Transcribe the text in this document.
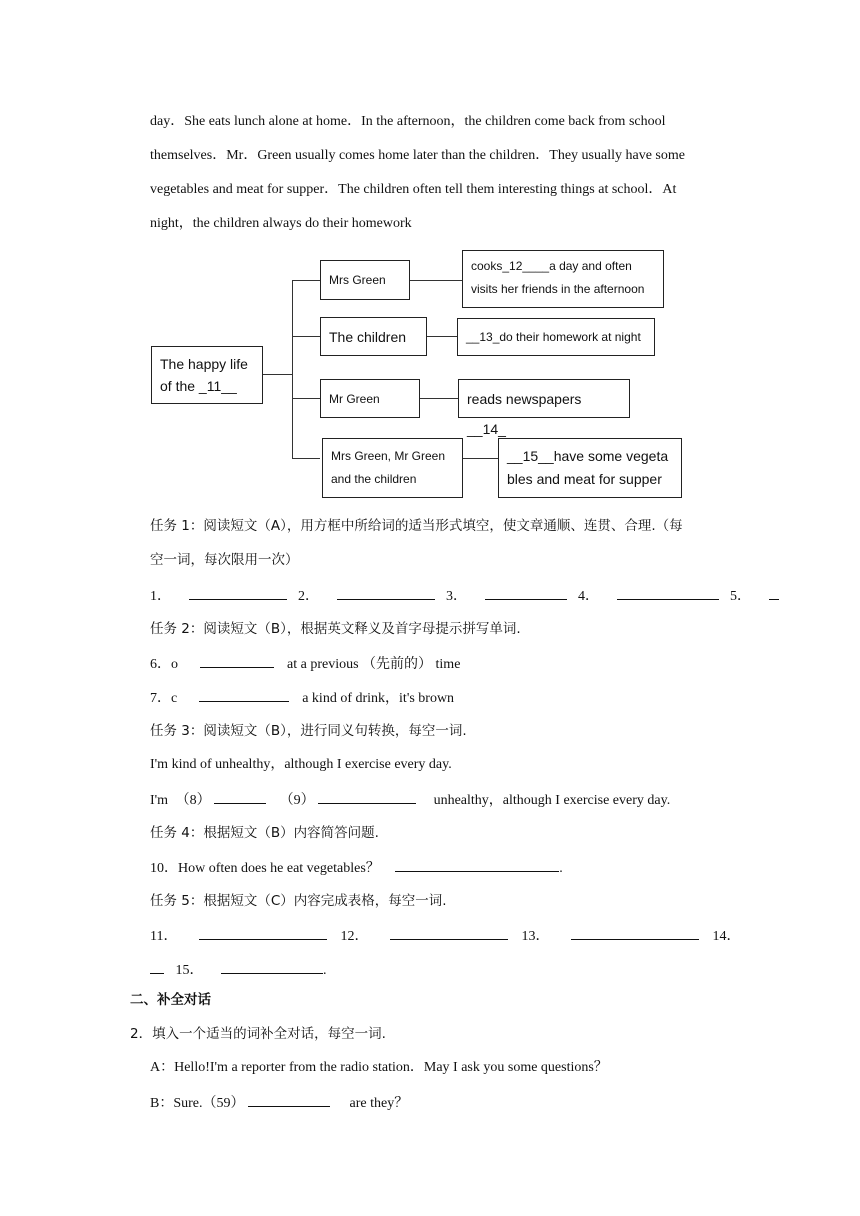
day．She eats lunch alone at home．In the afternoon，the children come back from school
themselves．Mr．Green usually comes home later than the children．They usually have some
vegetables and meat for supper．The children often tell them interesting things at school．At
night，the children always do their homework
The happy life
of the _11__
Mrs Green
cooks_12____a day and often
visits her friends in the afternoon
The children	__13_do their homework at night
Mr Green	reads newspapers __14_
Mrs Green, Mr Green
and the children
__15__have some vegeta
bles and meat for supper
任务 1：阅读短文（A），用方框中所给词的适当形式填空，使文章通顺、连贯、合理.（每
空一词，每次限用一次）
1．	2．	3．	4．	5．
任务 2：阅读短文（B），根据英文释义及首字母提示拼写单词.
6．o	at a previous （先前的） time
7．c	a kind of drink，it's brown
任务 3：阅读短文（B），进行同义句转换，每空一词.
I'm kind of unhealthy，although I exercise every day.
I'm （8）	（9）	unhealthy，although I exercise every day.
任务 4：根据短文（B）内容简答问题.
10．How often does he eat vegetables？	.
任务 5：根据短文（C）内容完成表格，每空一词.
11．	12．	13．	14．
15．	.
二、补全对话
2．填入一个适当的词补全对话，每空一词.
A：Hello!I'm a reporter from the radio station．May I ask you some questions？
B：Sure.（59）	are they？
